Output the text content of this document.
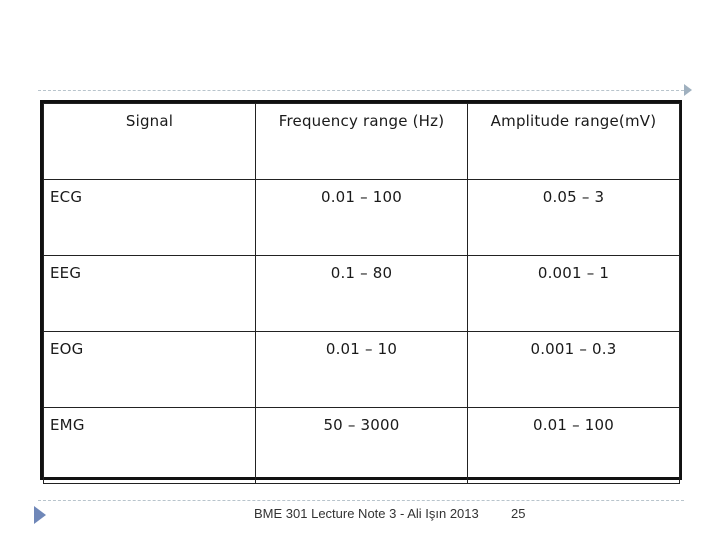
Signal	Frequency range (Hz)	Amplitude range(mV)
ECG	0.01 – 100	0.05 – 3
EEG	0.1 – 80	0.001 – 1
EOG	0.01 – 10	0.001 – 0.3
EMG	50 – 3000	0.01 – 100
BME 301 Lecture Note 3 - Ali Işın 2013 25
